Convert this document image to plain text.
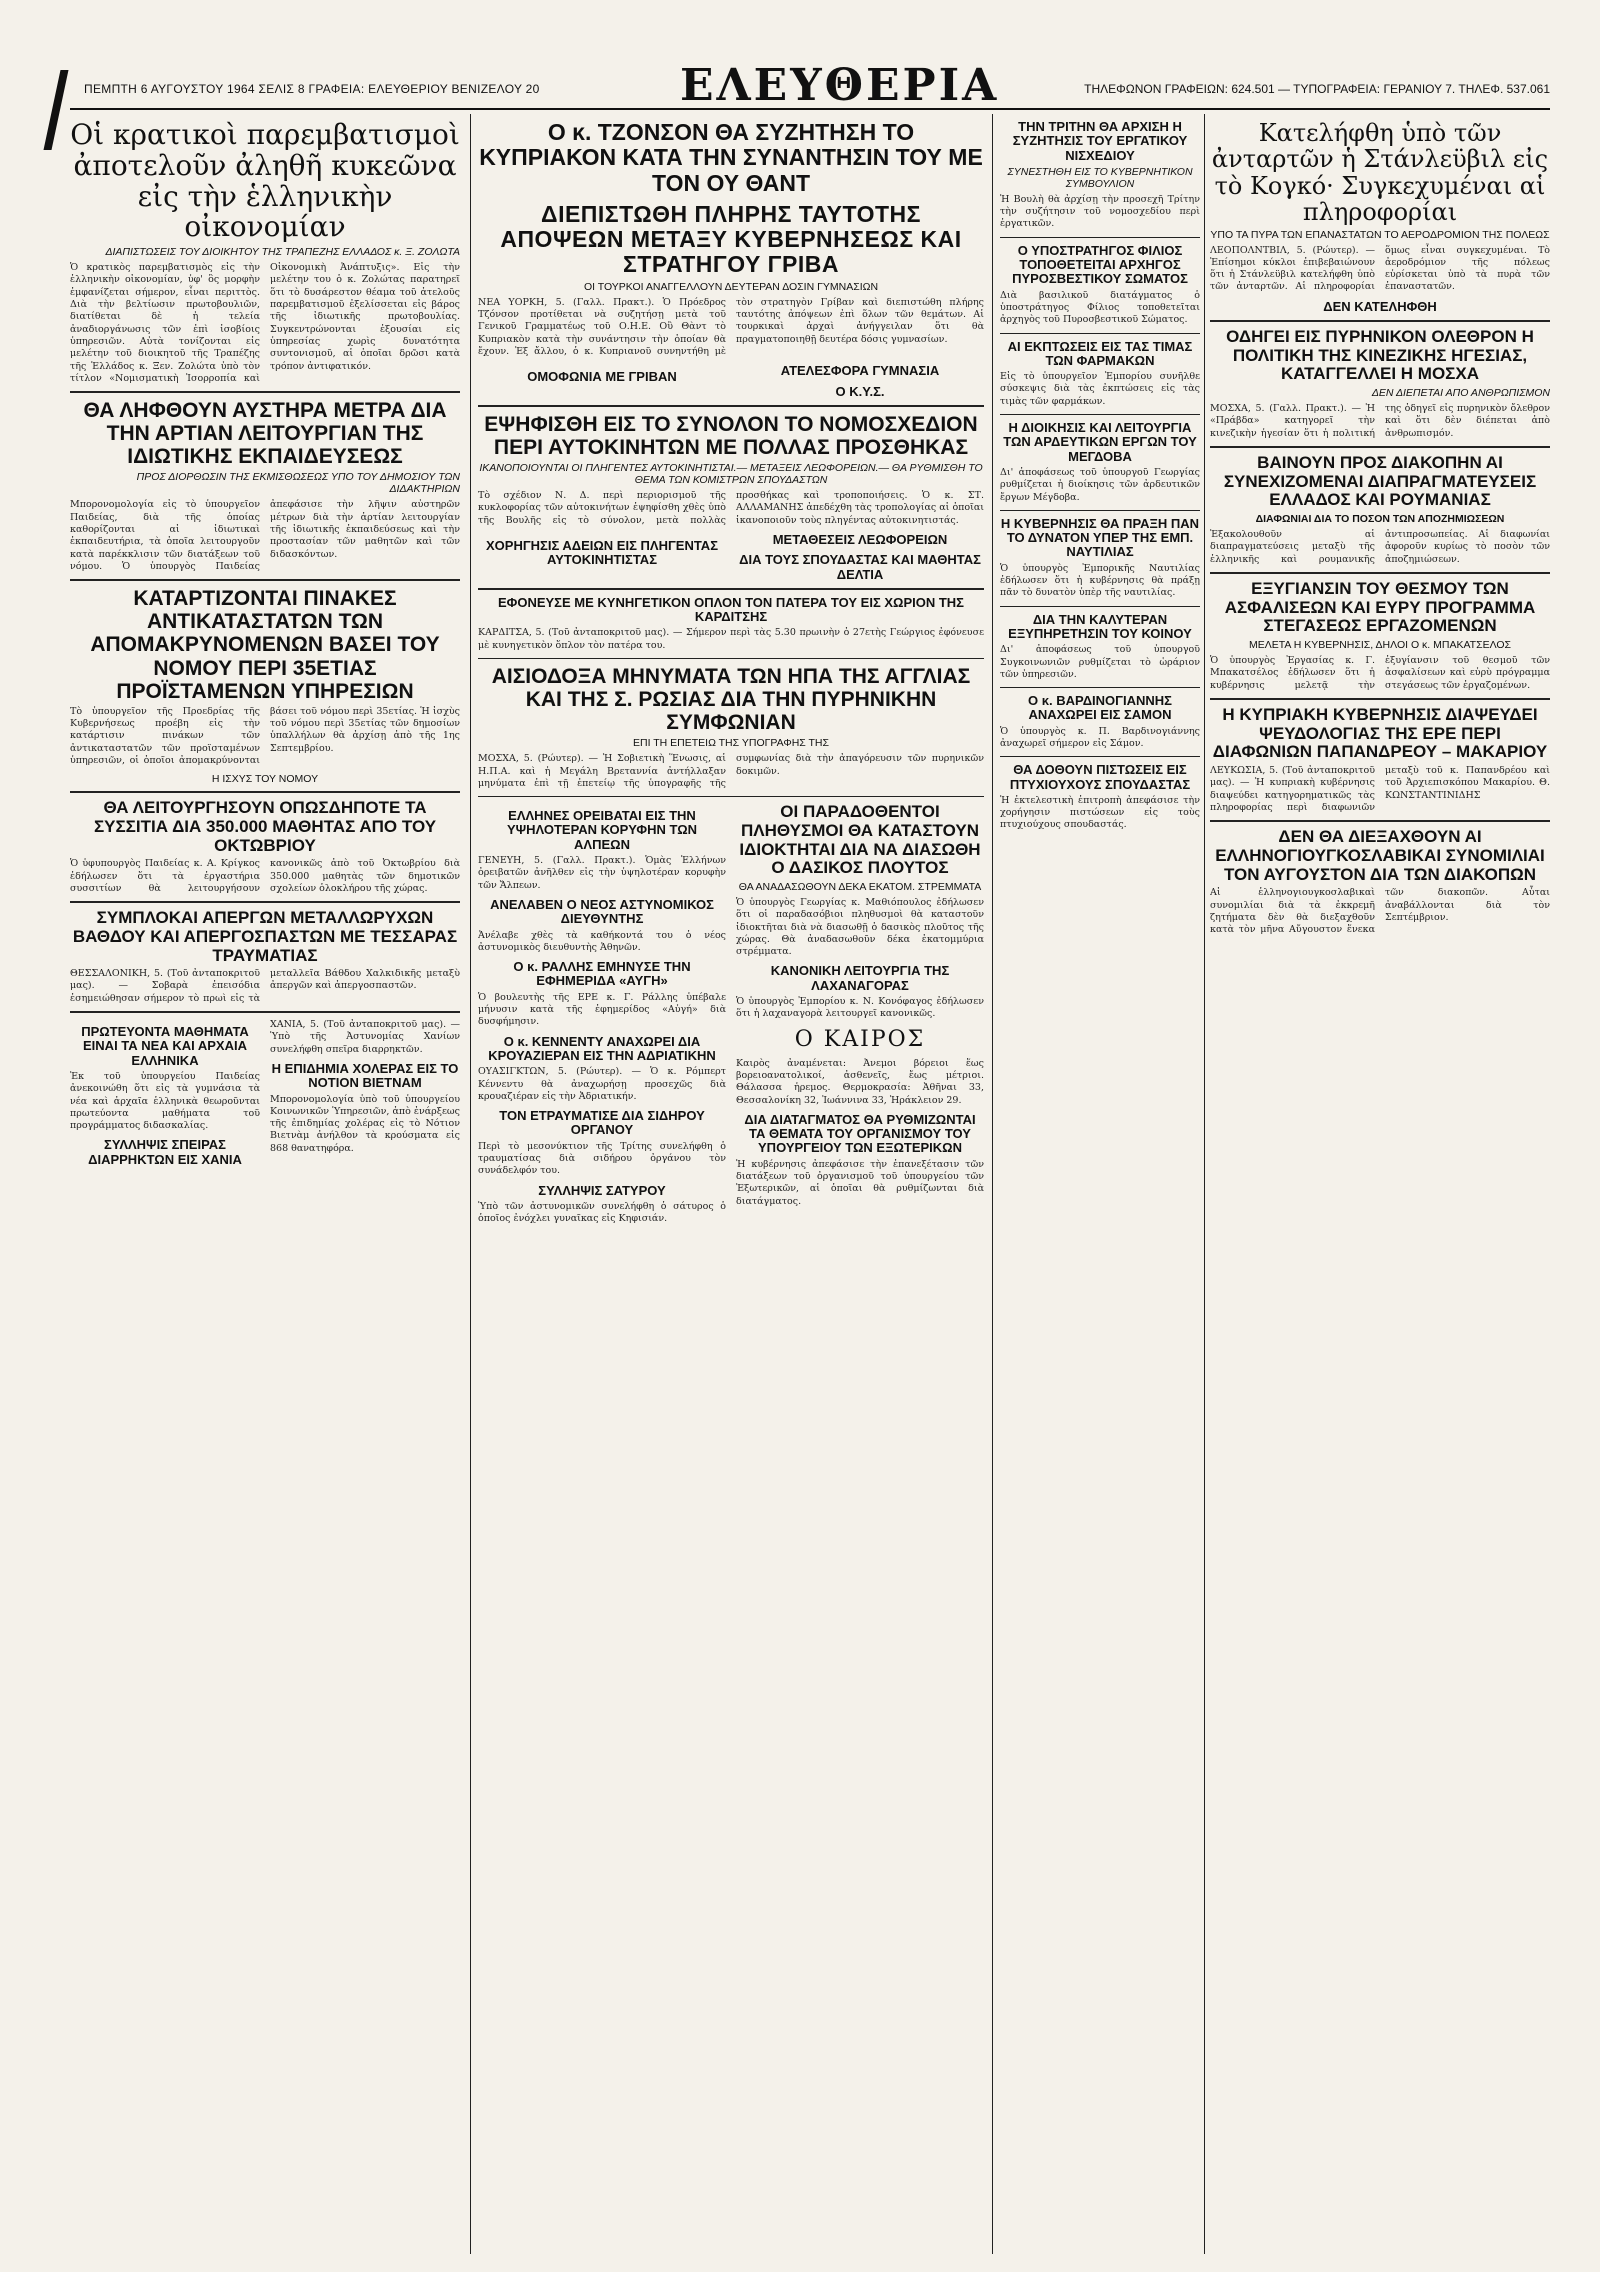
ΠΕΜΠΤΗ 6 ΑΥΓΟΥΣΤΟΥ 1964 ΣΕΛΙΣ 8 ΓΡΑΦΕΙΑ: ΕΛΕΥΘΕΡΙΟΥ ΒΕΝΙΖΕΛΟΥ 20	ΕΛΕΥΘΕΡΙΑ	ΤΗΛΕΦΩΝΟΝ ΓΡΑΦΕΙΩΝ: 624.501 — ΤΥΠΟΓΡΑΦΕΙΑ: ΓΕΡΑΝΙΟΥ 7. ΤΗΛΕΦ. 537.061
Οἱ κρατικοὶ παρεμβατισμοὶ ἀποτελοῦν ἀληθῆ κυκεῶνα εἰς τὴν ἑλληνικὴν οἰκονομίαν
ΔΙΑΠΙΣΤΩΣΕΙΣ ΤΟΥ ΔΙΟΙΚΗΤΟΥ ΤΗΣ ΤΡΑΠΕΖΗΣ ΕΛΛΑΔΟΣ κ. Ξ. ΖΟΛΩΤΑ
Ὁ κρατικὸς παρεμβατισμὸς εἰς τὴν ἑλληνικὴν οἰκονομίαν, ὑφ' ὃς μορφὴν ἐμφανίζεται σήμερον, εἶναι περιττὸς. Διὰ τὴν βελτίωσιν πρωτοβουλιῶν, διατίθεται δὲ ἡ τελεία ἀναδιοργάνωσις τῶν ἐπὶ ἰσοβίοις ὑπηρεσιῶν. Αὐτὰ τονίζονται εἰς μελέτην τοῦ διοικητοῦ τῆς Τραπέζης τῆς Ἑλλάδος κ. Ξεν. Ζολώτα ὑπὸ τὸν τίτλον «Νομισματικὴ Ἰσορροπία καὶ Οἰκονομικὴ Ἀνάπτυξις». Εἰς τὴν μελέτην του ὁ κ. Ζολώτας παρατηρεῖ ὅτι τὸ δυσάρεστον θέαμα τοῦ ἀτελοῦς παρεμβατισμοῦ ἐξελίσσεται εἰς βάρος τῆς ἰδιωτικῆς πρωτοβουλίας. Συγκεντρώνονται ἐξουσίαι εἰς ὑπηρεσίας χωρὶς δυνατότητα συντονισμοῦ, αἱ ὁποῖαι δρῶσι κατὰ τρόπον ἀντιφατικόν.
ΘΑ ΛΗΦΘΟΥΝ ΑΥΣΤΗΡΑ ΜΕΤΡΑ ΔΙΑ ΤΗΝ ΑΡΤΙΑΝ ΛΕΙΤΟΥΡΓΙΑΝ ΤΗΣ ΙΔΙΩΤΙΚΗΣ ΕΚΠΑΙΔΕΥΣΕΩΣ
ΠΡΟΣ ΔΙΟΡΘΩΣΙΝ ΤΗΣ ΕΚΜΙΣΘΩΣΕΩΣ ΥΠΟ ΤΟΥ ΔΗΜΟΣΙΟΥ ΤΩΝ ΔΙΔΑΚΤΗΡΙΩΝ
Μπορονομολογία εἰς τὸ ὑπουργεῖον Παιδείας, διὰ τῆς ὁποίας καθορίζονται αἱ ἰδιωτικαὶ ἐκπαιδευτήρια, τὰ ὁποῖα λειτουργοῦν κατὰ παρέκκλισιν τῶν διατάξεων τοῦ νόμου. Ὁ ὑπουργὸς Παιδείας ἀπεφάσισε τὴν λῆψιν αὐστηρῶν μέτρων διὰ τὴν ἀρτίαν λειτουργίαν τῆς ἰδιωτικῆς ἐκπαιδεύσεως καὶ τὴν προστασίαν τῶν μαθητῶν καὶ τῶν διδασκόντων.
ΚΑΤΑΡΤΙΖΟΝΤΑΙ ΠΙΝΑΚΕΣ ΑΝΤΙΚΑΤΑΣΤΑΤΩΝ ΤΩΝ ΑΠΟΜΑΚΡΥΝΟΜΕΝΩΝ ΒΑΣΕΙ ΤΟΥ ΝΟΜΟΥ ΠΕΡΙ 35ΕΤΙΑΣ ΠΡΟΪΣΤΑΜΕΝΩΝ ΥΠΗΡΕΣΙΩΝ
Τὸ ὑπουργεῖον τῆς Προεδρίας τῆς Κυβερνήσεως προέβη εἰς τὴν κατάρτισιν πινάκων τῶν ἀντικαταστατῶν τῶν προϊσταμένων ὑπηρεσιῶν, οἱ ὁποῖοι ἀπομακρύνονται βάσει τοῦ νόμου περὶ 35ετίας. Ἡ ἰσχὺς τοῦ νόμου περὶ 35ετίας τῶν δημοσίων ὑπαλλήλων θὰ ἀρχίσῃ ἀπὸ τῆς 1ης Σεπτεμβρίου.
Η ΙΣΧΥΣ ΤΟΥ ΝΟΜΟΥ
ΘΑ ΛΕΙΤΟΥΡΓΗΣΟΥΝ ΟΠΩΣΔΗΠΟΤΕ ΤΑ ΣΥΣΣΙΤΙΑ ΔΙΑ 350.000 ΜΑΘΗΤΑΣ ΑΠΟ ΤΟΥ ΟΚΤΩΒΡΙΟΥ
Ὁ ὑφυπουργὸς Παιδείας κ. Α. Κρίγκος ἐδήλωσεν ὅτι τὰ ἐργαστήρια συσσιτίων θὰ λειτουργήσουν κανονικῶς ἀπὸ τοῦ Ὀκτωβρίου διὰ 350.000 μαθητὰς τῶν δημοτικῶν σχολείων ὁλοκλήρου τῆς χώρας.
ΣΥΜΠΛΟΚΑΙ ΑΠΕΡΓΩΝ ΜΕΤΑΛΛΩΡΥΧΩΝ ΒΑΘΔΟΥ ΚΑΙ ΑΠΕΡΓΟΣΠΑΣΤΩΝ ΜΕ ΤΕΣΣΑΡΑΣ ΤΡΑΥΜΑΤΙΑΣ
ΘΕΣΣΑΛΟΝΙΚΗ, 5. (Τοῦ ἀνταποκριτοῦ μας). — Σοβαρὰ ἐπεισόδια ἐσημειώθησαν σήμερον τὸ πρωὶ εἰς τὰ μεταλλεῖα Βάθδου Χαλκιδικῆς μεταξὺ ἀπεργῶν καὶ ἀπεργοσπαστῶν.
ΠΡΩΤΕΥΟΝΤΑ ΜΑΘΗΜΑΤΑ ΕΙΝΑΙ ΤΑ ΝΕΑ ΚΑΙ ΑΡΧΑΙΑ ΕΛΛΗΝΙΚΑ
Ἐκ τοῦ ὑπουργείου Παιδείας ἀνεκοινώθη ὅτι εἰς τὰ γυμνάσια τὰ νέα καὶ ἀρχαῖα ἑλληνικὰ θεωροῦνται πρωτεύοντα μαθήματα τοῦ προγράμματος διδασκαλίας.
ΣΥΛΛΗΨΙΣ ΣΠΕΙΡΑΣ ΔΙΑΡΡΗΚΤΩΝ ΕΙΣ ΧΑΝΙΑ
ΧΑΝΙΑ, 5. (Τοῦ ἀνταποκριτοῦ μας). — Ὑπὸ τῆς Ἀστυνομίας Χανίων συνελήφθη σπεῖρα διαρρηκτῶν.
Η ΕΠΙΔΗΜΙΑ ΧΟΛΕΡΑΣ ΕΙΣ ΤΟ ΝΟΤΙΟΝ ΒΙΕΤΝΑΜ
Μπορονομολογία ὑπὸ τοῦ ὑπουργείου Κοινωνικῶν Ὑπηρεσιῶν, ἀπὸ ἐνάρξεως τῆς ἐπιδημίας χολέρας εἰς τὸ Νότιον Βιετνὰμ ἀνήλθον τὰ κρούσματα εἰς 868 θανατηφόρα.
Ο κ. ΤΖΟΝΣΟΝ ΘΑ ΣΥΖΗΤΗΣΗ ΤΟ ΚΥΠΡΙΑΚΟΝ ΚΑΤΑ ΤΗΝ ΣΥΝΑΝΤΗΣΙΝ ΤΟΥ ΜΕ ΤΟΝ ΟΥ ΘΑΝΤ
ΔΙΕΠΙΣΤΩΘΗ ΠΛΗΡΗΣ ΤΑΥΤΟΤΗΣ ΑΠΟΨΕΩΝ ΜΕΤΑΞΥ ΚΥΒΕΡΝΗΣΕΩΣ ΚΑΙ ΣΤΡΑΤΗΓΟΥ ΓΡΙΒΑ
ΟΙ ΤΟΥΡΚΟΙ ΑΝΑΓΓΕΛΛΟΥΝ ΔΕΥΤΕΡΑΝ ΔΟΣΙΝ ΓΥΜΝΑΣΙΩΝ
ΝΕΑ ΥΟΡΚΗ, 5. (Γαλλ. Πρακτ.). Ὁ Πρόεδρος Τζόνσον προτίθεται νὰ συζητήσῃ μετὰ τοῦ Γενικοῦ Γραμματέως τοῦ Ο.Η.Ε. Οὒ Θὰντ τὸ Κυπριακὸν κατὰ τὴν συνάντησιν τὴν ὁποίαν θὰ ἔχουν. Ἐξ ἄλλου, ὁ κ. Κυπριανοῦ συνηντήθη μὲ τὸν στρατηγὸν Γρίβαν καὶ διεπιστώθη πλήρης ταυτότης ἀπόψεων ἐπὶ ὅλων τῶν θεμάτων. Αἱ τουρκικαὶ ἀρχαὶ ἀνήγγειλαν ὅτι θὰ πραγματοποιηθῇ δευτέρα δόσις γυμνασίων.
ΟΜΟΦΩΝΙΑ ΜΕ ΓΡΙΒΑΝ	ΑΤΕΛΕΣΦΟΡΑ ΓΥΜΝΑΣΙΑ
Ο Κ.Υ.Σ.
ΕΨΗΦΙΣΘΗ ΕΙΣ ΤΟ ΣΥΝΟΛΟΝ ΤΟ ΝΟΜΟΣΧΕΔΙΟΝ ΠΕΡΙ ΑΥΤΟΚΙΝΗΤΩΝ ΜΕ ΠΟΛΛΑΣ ΠΡΟΣΘΗΚΑΣ
ΙΚΑΝΟΠΟΙΟΥΝΤΑΙ ΟΙ ΠΛΗΓΕΝΤΕΣ ΑΥΤΟΚΙΝΗΤΙΣΤΑΙ.— ΜΕΤΑΞΕΙΣ ΛΕΩΦΟΡΕΙΩΝ.— ΘΑ ΡΥΘΜΙΣΘΗ ΤΟ ΘΕΜΑ ΤΩΝ ΚΟΜΙΣΤΡΩΝ ΣΠΟΥΔΑΣΤΩΝ
Τὸ σχέδιον Ν. Δ. περὶ περιορισμοῦ τῆς κυκλοφορίας τῶν αὐτοκινήτων ἐψηφίσθη χθὲς ὑπὸ τῆς Βουλῆς εἰς τὸ σύνολον, μετὰ πολλὰς προσθήκας καὶ τροποποιήσεις. Ὁ κ. ΣΤ. ΑΛΛΑΜΑΝΗΣ ἀπεδέχθη τὰς τροπολογίας αἱ ὁποῖαι ἱκανοποιοῦν τοὺς πληγέντας αὐτοκινητιστάς.
ΧΟΡΗΓΗΣΙΣ ΑΔΕΙΩΝ ΕΙΣ ΠΛΗΓΕΝΤΑΣ ΑΥΤΟΚΙΝΗΤΙΣΤΑΣ
ΜΕΤΑΘΕΣΕΙΣ ΛΕΩΦΟΡΕΙΩΝ
ΔΙΑ ΤΟΥΣ ΣΠΟΥΔΑΣΤΑΣ ΚΑΙ ΜΑΘΗΤΑΣ ΔΕΛΤΙΑ
ΕΦΟΝΕΥΣΕ ΜΕ ΚΥΝΗΓΕΤΙΚΟΝ ΟΠΛΟΝ ΤΟΝ ΠΑΤΕΡΑ ΤΟΥ ΕΙΣ ΧΩΡΙΟΝ ΤΗΣ ΚΑΡΔΙΤΣΗΣ
ΚΑΡΔΙΤΣΑ, 5. (Τοῦ ἀνταποκριτοῦ μας). — Σήμερον περὶ τὰς 5.30 πρωινὴν ὁ 27ετὴς Γεώργιος ἐφόνευσε μὲ κυνηγετικὸν ὅπλον τὸν πατέρα του.
ΑΙΣΙΟΔΟΞΑ ΜΗΝΥΜΑΤΑ ΤΩΝ ΗΠΑ ΤΗΣ ΑΓΓΛΙΑΣ ΚΑΙ ΤΗΣ Σ. ΡΩΣΙΑΣ ΔΙΑ ΤΗΝ ΠΥΡΗΝΙΚΗΝ ΣΥΜΦΩΝΙΑΝ
ΕΠΙ ΤΗ ΕΠΕΤΕΙΩ ΤΗΣ ΥΠΟΓΡΑΦΗΣ ΤΗΣ
ΜΟΣΧΑ, 5. (Ρώυτερ). — Ἡ Σοβιετικὴ Ἕνωσις, αἱ Η.Π.Α. καὶ ἡ Μεγάλη Βρεταννία ἀντήλλαξαν μηνύματα ἐπὶ τῇ ἐπετείῳ τῆς ὑπογραφῆς τῆς συμφωνίας διὰ τὴν ἀπαγόρευσιν τῶν πυρηνικῶν δοκιμῶν.
ΕΛΛΗΝΕΣ ΟΡΕΙΒΑΤΑΙ ΕΙΣ ΤΗΝ ΥΨΗΛΟΤΕΡΑΝ ΚΟΡΥΦΗΝ ΤΩΝ ΑΛΠΕΩΝ
ΓΕΝΕΥΗ, 5. (Γαλλ. Πρακτ.). Ὁμὰς Ἑλλήνων ὀρειβατῶν ἀνῆλθεν εἰς τὴν ὑψηλοτέραν κορυφὴν τῶν Ἄλπεων.
ΑΝΕΛΑΒΕΝ Ο ΝΕΟΣ ΑΣΤΥΝΟΜΙΚΟΣ ΔΙΕΥΘΥΝΤΗΣ
Ἀνέλαβε χθὲς τὰ καθήκοντά του ὁ νέος ἀστυνομικὸς διευθυντὴς Ἀθηνῶν.
Ο κ. ΡΑΛΛΗΣ ΕΜΗΝΥΣΕ ΤΗΝ ΕΦΗΜΕΡΙΔΑ «ΑΥΓΗ»
Ὁ βουλευτὴς τῆς ΕΡΕ κ. Γ. Ράλλης ὑπέβαλε μήνυσιν κατὰ τῆς ἐφημερίδος «Αὐγή» διὰ δυσφήμησιν.
Ο κ. ΚΕΝΝΕΝΤΥ ΑΝΑΧΩΡΕΙ ΔΙΑ ΚΡΟΥΑΖΙΕΡΑΝ ΕΙΣ ΤΗΝ ΑΔΡΙΑΤΙΚΗΝ
ΟΥΑΣΙΓΚΤΩΝ, 5. (Ρώυτερ). — Ὁ κ. Ρόμπερτ Κέννεντυ θὰ ἀναχωρήσῃ προσεχῶς διὰ κρουαζιέραν εἰς τὴν Ἀδριατικήν.
ΤΟΝ ΕΤΡΑΥΜΑΤΙΣΕ ΔΙΑ ΣΙΔΗΡΟΥ ΟΡΓΑΝΟΥ
Περὶ τὸ μεσονύκτιον τῆς Τρίτης συνελήφθη ὁ τραυματίσας διὰ σιδήρου ὀργάνου τὸν συνάδελφόν του.
ΣΥΛΛΗΨΙΣ ΣΑΤΥΡΟΥ
Ὑπὸ τῶν ἀστυνομικῶν συνελήφθη ὁ σάτυρος ὁ ὁποῖος ἐνόχλει γυναῖκας εἰς Κηφισιάν.
ΟΙ ΠΑΡΑΔΟΘΕΝΤΟΙ ΠΛΗΘΥΣΜΟΙ ΘΑ ΚΑΤΑΣΤΟΥΝ ΙΔΙΟΚΤΗΤΑΙ ΔΙΑ ΝΑ ΔΙΑΣΩΘΗ Ο ΔΑΣΙΚΟΣ ΠΛΟΥΤΟΣ
ΘΑ ΑΝΑΔΑΣΩΘΟΥΝ ΔΕΚΑ ΕΚΑΤΟΜ. ΣΤΡΕΜΜΑΤΑ
Ὁ ὑπουργὸς Γεωργίας κ. Μαθιόπουλος ἐδήλωσεν ὅτι οἱ παραδασόβιοι πληθυσμοὶ θὰ καταστοῦν ἰδιοκτῆται διὰ νὰ διασωθῇ ὁ δασικὸς πλοῦτος τῆς χώρας. Θὰ ἀναδασωθοῦν δέκα ἑκατομμύρια στρέμματα.
ΚΑΝΟΝΙΚΗ ΛΕΙΤΟΥΡΓΙΑ ΤΗΣ ΛΑΧΑΝΑΓΟΡΑΣ
Ὁ ὑπουργὸς Ἐμπορίου κ. Ν. Κονόφαγος ἐδήλωσεν ὅτι ἡ λαχαναγορὰ λειτουργεῖ κανονικῶς.
Ο ΚΑΙΡΟΣ
Καιρὸς ἀναμένεται: Ἀνεμοι βόρειοι ἕως βορειοανατολικοί, ἀσθενεῖς, ἔως μέτριοι. Θάλασσα ἡρεμος. Θερμοκρασία: Ἀθῆναι 33, Θεσσαλονίκη 32, Ἰωάννινα 33, Ἡράκλειον 29.
ΔΙΑ ΔΙΑΤΑΓΜΑΤΟΣ ΘΑ ΡΥΘΜΙΖΩΝΤΑΙ ΤΑ ΘΕΜΑΤΑ ΤΟΥ ΟΡΓΑΝΙΣΜΟΥ ΤΟΥ ΥΠΟΥΡΓΕΙΟΥ ΤΩΝ ΕΞΩΤΕΡΙΚΩΝ
Ἡ κυβέρνησις ἀπεφάσισε τὴν ἐπανεξέτασιν τῶν διατάξεων τοῦ ὀργανισμοῦ τοῦ ὑπουργείου τῶν Ἐξωτερικῶν, αἱ ὁποῖαι θὰ ρυθμίζωνται διὰ διατάγματος.
ΤΗΝ ΤΡΙΤΗΝ ΘΑ ΑΡΧΙΣΗ Η ΣΥΖΗΤΗΣΙΣ ΤΟΥ ΕΡΓΑΤΙΚΟΥ ΝΙΣΧΕΔΙΟΥ
ΣΥΝΕΣΤΗΘΗ ΕΙΣ ΤΟ ΚΥΒΕΡΝΗΤΙΚΟΝ ΣΥΜΒΟΥΛΙΟΝ
Ἡ Βουλὴ θὰ ἀρχίσῃ τὴν προσεχῆ Τρίτην τὴν συζήτησιν τοῦ νομοσχεδίου περὶ ἐργατικῶν.
Ο ΥΠΟΣΤΡΑΤΗΓΟΣ ΦΙΛΙΟΣ ΤΟΠΟΘΕΤΕΙΤΑΙ ΑΡΧΗΓΟΣ ΠΥΡΟΣΒΕΣΤΙΚΟΥ ΣΩΜΑΤΟΣ
Διὰ βασιλικοῦ διατάγματος ὁ ὑποστράτηγος Φίλιος τοποθετεῖται ἀρχηγὸς τοῦ Πυροσβεστικοῦ Σώματος.
ΑΙ ΕΚΠΤΩΣΕΙΣ ΕΙΣ ΤΑΣ ΤΙΜΑΣ ΤΩΝ ΦΑΡΜΑΚΩΝ
Εἰς τὸ ὑπουργεῖον Ἐμπορίου συνῆλθε σύσκεψις διὰ τὰς ἐκπτώσεις εἰς τὰς τιμὰς τῶν φαρμάκων.
Η ΔΙΟΙΚΗΣΙΣ ΚΑΙ ΛΕΙΤΟΥΡΓΙΑ ΤΩΝ ΑΡΔΕΥΤΙΚΩΝ ΕΡΓΩΝ ΤΟΥ ΜΕΓΔΟΒΑ
Δι' ἀποφάσεως τοῦ ὑπουργοῦ Γεωργίας ρυθμίζεται ἡ διοίκησις τῶν ἀρδευτικῶν ἔργων Μέγδοβα.
Η ΚΥΒΕΡΝΗΣΙΣ ΘΑ ΠΡΑΞΗ ΠΑΝ ΤΟ ΔΥΝΑΤΟΝ ΥΠΕΡ ΤΗΣ ΕΜΠ. ΝΑΥΤΙΛΙΑΣ
Ὁ ὑπουργὸς Ἐμπορικῆς Ναυτιλίας ἐδήλωσεν ὅτι ἡ κυβέρνησις θὰ πράξῃ πᾶν τὸ δυνατὸν ὑπὲρ τῆς ναυτιλίας.
ΔΙΑ ΤΗΝ ΚΑΛΥΤΕΡΑΝ ΕΞΥΠΗΡΕΤΗΣΙΝ ΤΟΥ ΚΟΙΝΟΥ
Δι' ἀποφάσεως τοῦ ὑπουργοῦ Συγκοινωνιῶν ρυθμίζεται τὸ ὡράριον τῶν ὑπηρεσιῶν.
Ο κ. ΒΑΡΔΙΝΟΓΙΑΝΝΗΣ ΑΝΑΧΩΡΕΙ ΕΙΣ ΣΑΜΟΝ
Ὁ ὑπουργὸς κ. Π. Βαρδινογιάννης ἀναχωρεῖ σήμερον εἰς Σάμον.
ΘΑ ΔΟΘΟΥΝ ΠΙΣΤΩΣΕΙΣ ΕΙΣ ΠΤΥΧΙΟΥΧΟΥΣ ΣΠΟΥΔΑΣΤΑΣ
Ἡ ἐκτελεστικὴ ἐπιτροπὴ ἀπεφάσισε τὴν χορήγησιν πιστώσεων εἰς τοὺς πτυχιούχους σπουδαστάς.
Κατελήφθη ὑπὸ τῶν ἀνταρτῶν ἡ Στάνλεϋβιλ εἰς τὸ Κογκό· Συγκεχυμέναι αἱ πληροφορίαι
ΥΠΟ ΤΑ ΠΥΡΑ ΤΩΝ ΕΠΑΝΑΣΤΑΤΩΝ ΤΟ ΑΕΡΟΔΡΟΜΙΟΝ ΤΗΣ ΠΟΛΕΩΣ
ΛΕΟΠΟΛΝΤΒΙΛ, 5. (Ρώυτερ). — Ἐπίσημοι κύκλοι ἐπιβεβαιώνουν ὅτι ἡ Στάνλεϋβιλ κατελήφθη ὑπὸ τῶν ἀνταρτῶν. Αἱ πληροφορίαι ὅμως εἶναι συγκεχυμέναι. Τὸ ἀεροδρόμιον τῆς πόλεως εὑρίσκεται ὑπὸ τὰ πυρὰ τῶν ἐπαναστατῶν.
ΔΕΝ ΚΑΤΕΛΗΦΘΗ
ΟΔΗΓΕΙ ΕΙΣ ΠΥΡΗΝΙΚΟΝ ΟΛΕΘΡΟΝ Η ΠΟΛΙΤΙΚΗ ΤΗΣ ΚΙΝΕΖΙΚΗΣ ΗΓΕΣΙΑΣ, ΚΑΤΑΓΓΕΛΛΕΙ Η ΜΟΣΧΑ
ΔΕΝ ΔΙΕΠΕΤΑΙ ΑΠΟ ΑΝΘΡΩΠΙΣΜΟΝ
ΜΟΣΧΑ, 5. (Γαλλ. Πρακτ.). — Ἡ «Πράβδα» κατηγορεῖ τὴν κινεζικὴν ἡγεσίαν ὅτι ἡ πολιτική της ὁδηγεῖ εἰς πυρηνικὸν ὄλεθρον καὶ ὅτι δὲν διέπεται ἀπὸ ἀνθρωπισμόν.
ΒΑΙΝΟΥΝ ΠΡΟΣ ΔΙΑΚΟΠΗΝ ΑΙ ΣΥΝΕΧΙΖΟΜΕΝΑΙ ΔΙΑΠΡΑΓΜΑΤΕΥΣΕΙΣ ΕΛΛΑΔΟΣ ΚΑΙ ΡΟΥΜΑΝΙΑΣ
ΔΙΑΦΩΝΙΑΙ ΔΙΑ ΤΟ ΠΟΣΟΝ ΤΩΝ ΑΠΟΖΗΜΙΩΣΕΩΝ
Ἐξακολουθοῦν αἱ διαπραγματεύσεις μεταξὺ τῆς ἑλληνικῆς καὶ ρουμανικῆς ἀντιπροσωπείας. Αἱ διαφωνίαι ἀφοροῦν κυρίως τὸ ποσὸν τῶν ἀποζημιώσεων.
ΕΞΥΓΙΑΝΣΙΝ ΤΟΥ ΘΕΣΜΟΥ ΤΩΝ ΑΣΦΑΛΙΣΕΩΝ ΚΑΙ ΕΥΡΥ ΠΡΟΓΡΑΜΜΑ ΣΤΕΓΑΣΕΩΣ ΕΡΓΑΖΟΜΕΝΩΝ
ΜΕΛΕΤΑ Η ΚΥΒΕΡΝΗΣΙΣ, ΔΗΛΟΙ Ο κ. ΜΠΑΚΑΤΣΕΛΟΣ
Ὁ ὑπουργὸς Ἐργασίας κ. Γ. Μπακατσέλος ἐδήλωσεν ὅτι ἡ κυβέρνησις μελετᾷ τὴν ἐξυγίανσιν τοῦ θεσμοῦ τῶν ἀσφαλίσεων καὶ εὐρὺ πρόγραμμα στεγάσεως τῶν ἐργαζομένων.
Η ΚΥΠΡΙΑΚΗ ΚΥΒΕΡΝΗΣΙΣ ΔΙΑΨΕΥΔΕΙ ΨΕΥΔΟΛΟΓΙΑΣ ΤΗΣ ΕΡΕ ΠΕΡΙ ΔΙΑΦΩΝΙΩΝ ΠΑΠΑΝΔΡΕΟΥ – ΜΑΚΑΡΙΟΥ
ΛΕΥΚΩΣΙΑ, 5. (Τοῦ ἀνταποκριτοῦ μας). — Ἡ κυπριακὴ κυβέρνησις διαψεύδει κατηγορηματικῶς τὰς πληροφορίας περὶ διαφωνιῶν μεταξὺ τοῦ κ. Παπανδρέου καὶ τοῦ Ἀρχιεπισκόπου Μακαρίου. Θ. ΚΩΝΣΤΑΝΤΙΝΙΔΗΣ
ΔΕΝ ΘΑ ΔΙΕΞΑΧΘΟΥΝ ΑΙ ΕΛΛΗΝΟΓΙΟΥΓΚΟΣΛΑΒΙΚΑΙ ΣΥΝΟΜΙΛΙΑΙ ΤΟΝ ΑΥΓΟΥΣΤΟΝ ΔΙΑ ΤΩΝ ΔΙΑΚΟΠΩΝ
Αἱ ἑλληνογιουγκοσλαβικαὶ συνομιλίαι διὰ τὰ ἐκκρεμῆ ζητήματα δὲν θὰ διεξαχθοῦν κατὰ τὸν μῆνα Αὔγουστον ἕνεκα τῶν διακοπῶν. Αὗται ἀναβάλλονται διὰ τὸν Σεπτέμβριον.
